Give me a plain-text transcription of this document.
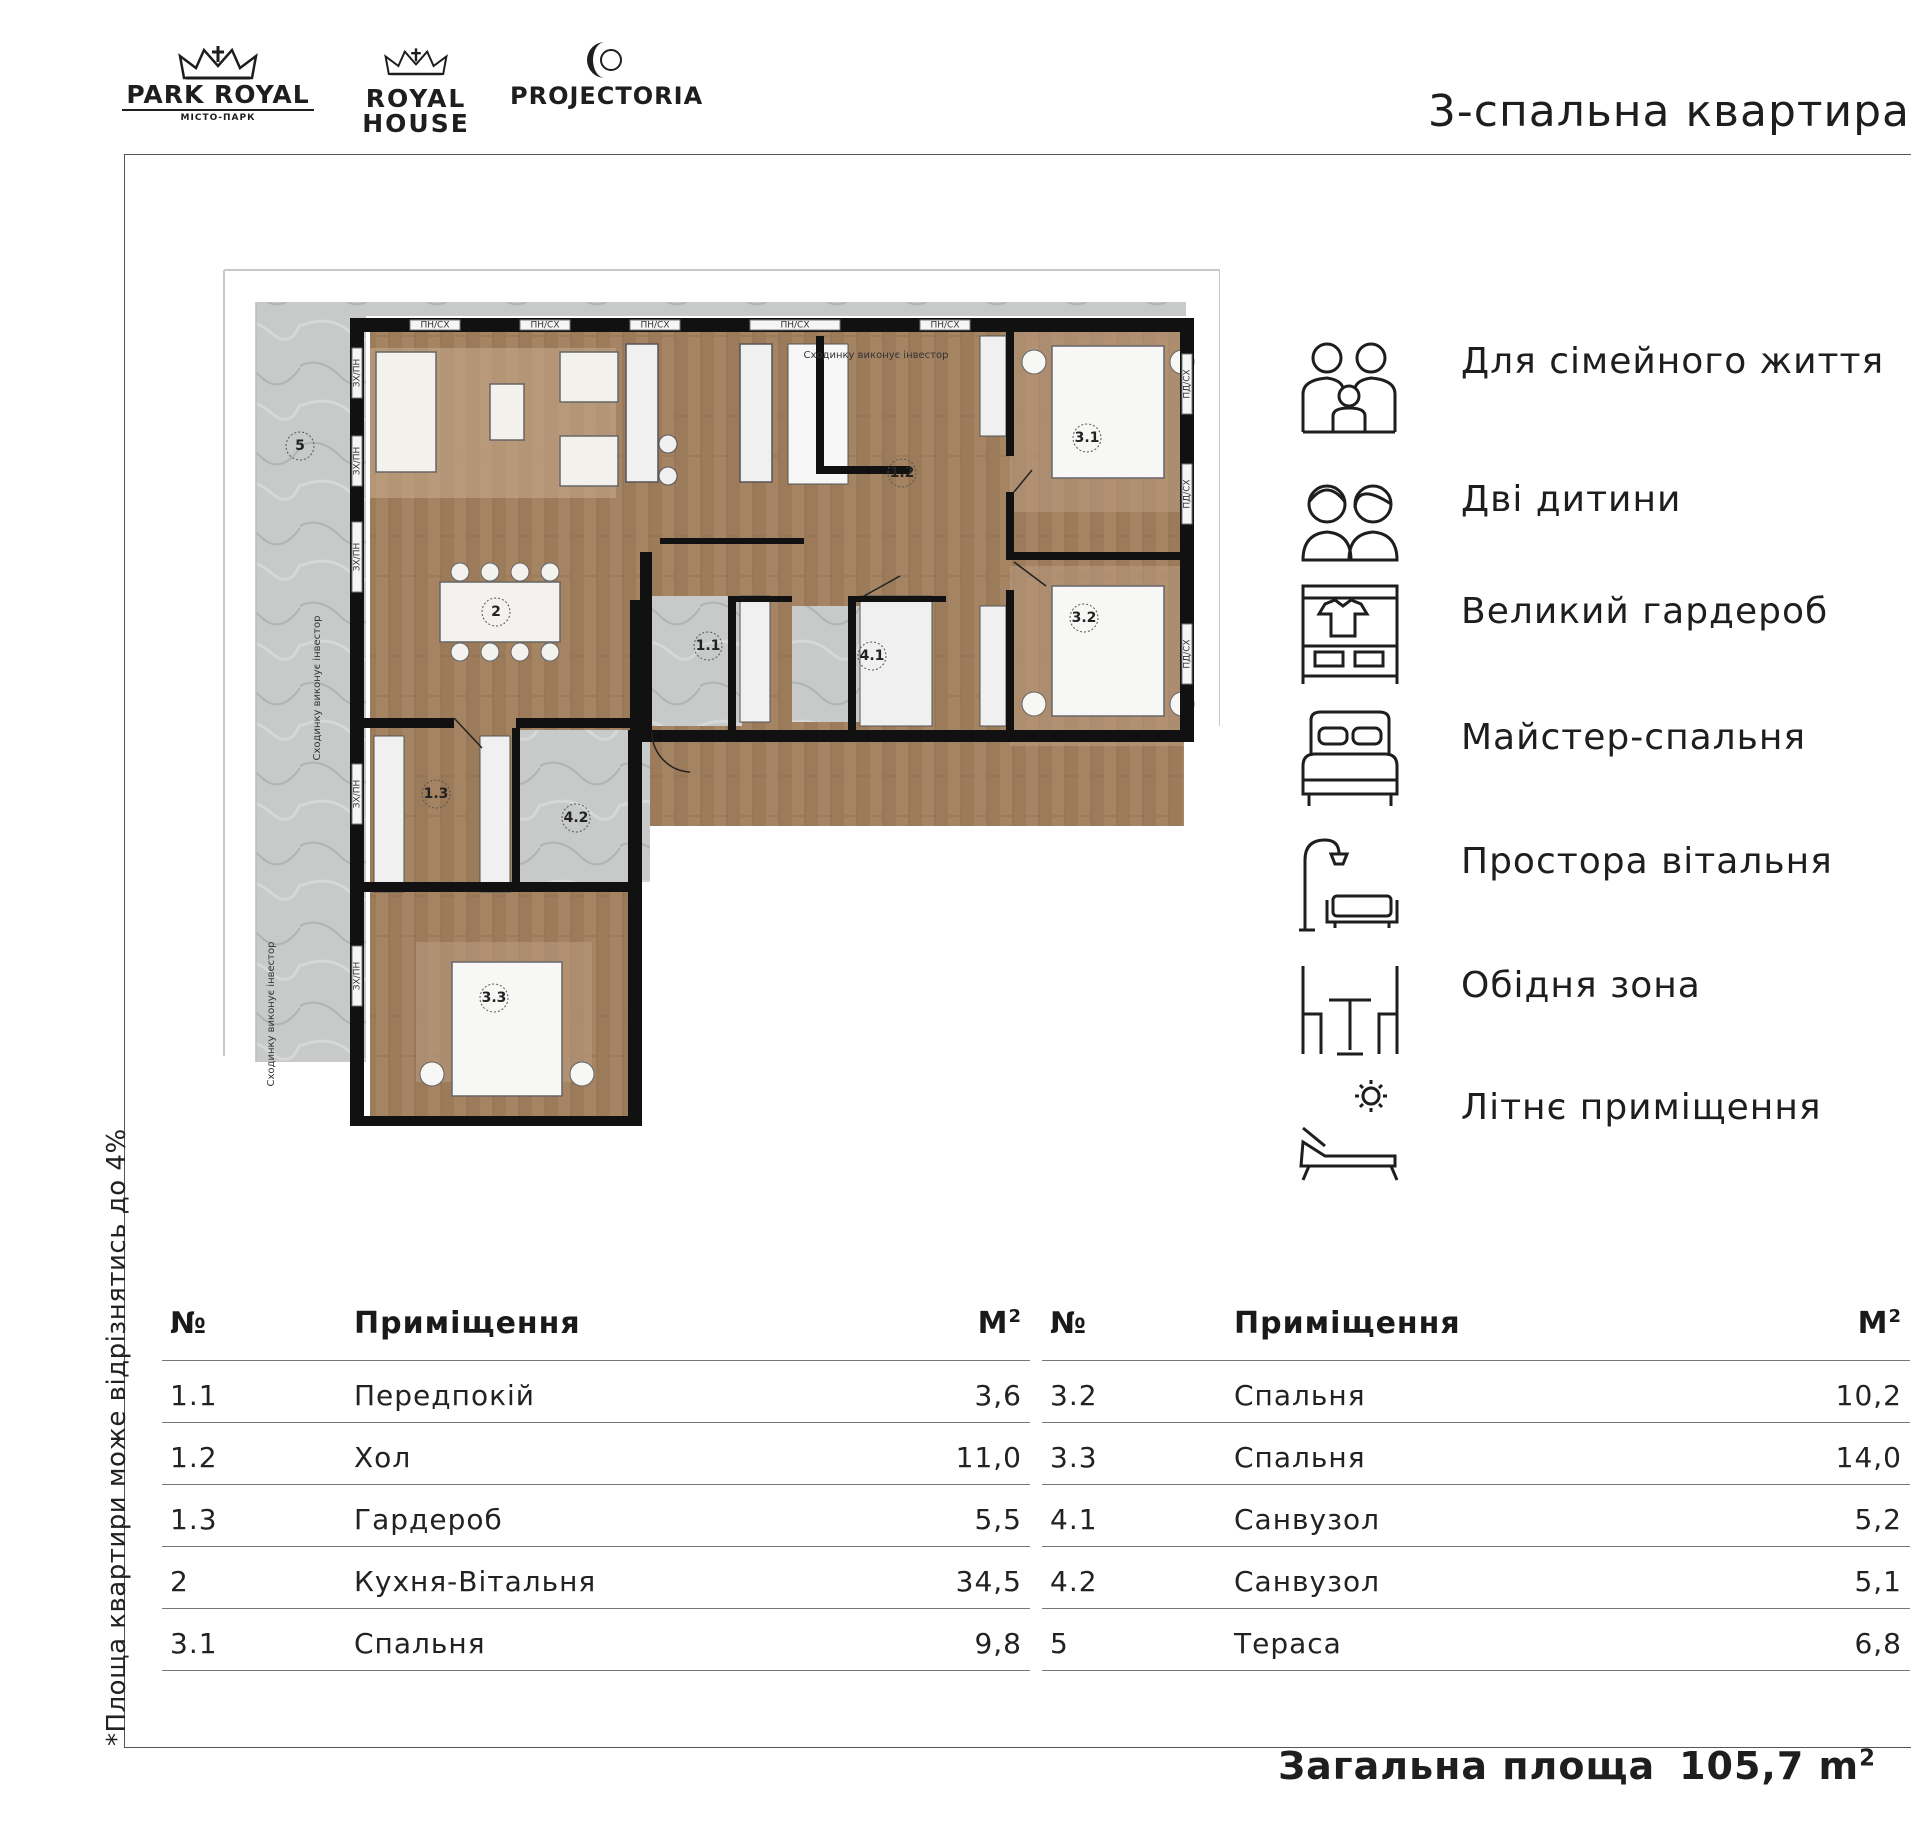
PARK ROYAL
МІСТО-ПАРК
ROYAL
HOUSE
PROJECTORIA	3-спальна квартира
*Площа квартири може відрізнятись до 4%
1.1
1.2
1.3
2
3.1
3.2
3.3
4.1
4.2
5
ПН/СХ	ПН/СХ	ПН/СХ	ПН/СХ	ПН/СХ
ПД/СХ
ПД/СХ
ПД/СХ
ЗХ/ПН
ЗХ/ПН
ЗХ/ПН
ЗХ/ПН
ЗХ/ПН
Сходинку виконує інвестор
Сходинку виконує інвестор
Сходинку виконує інвестор	Для сімейного життя
Дві дитини
Великий гардероб
Майстер-спальня
Простора вітальня
Обідня зона
Літнє приміщення
№	Приміщення	$М^2$
1.1	Передпокій	3,6
1.2	Хол	11,0
1.3	Гардероб	5,5
2	Кухня-Вітальня	34,5
3.1	Спальня	9,8
№	Приміщення	$М^2$
3.2	Спальня	10,2
3.3	Спальня	14,0
4.1	Санвузол	5,2
4.2	Санвузол	5,1
5	Тераса	6,8
Загальна площа 105,7 $m^2$
